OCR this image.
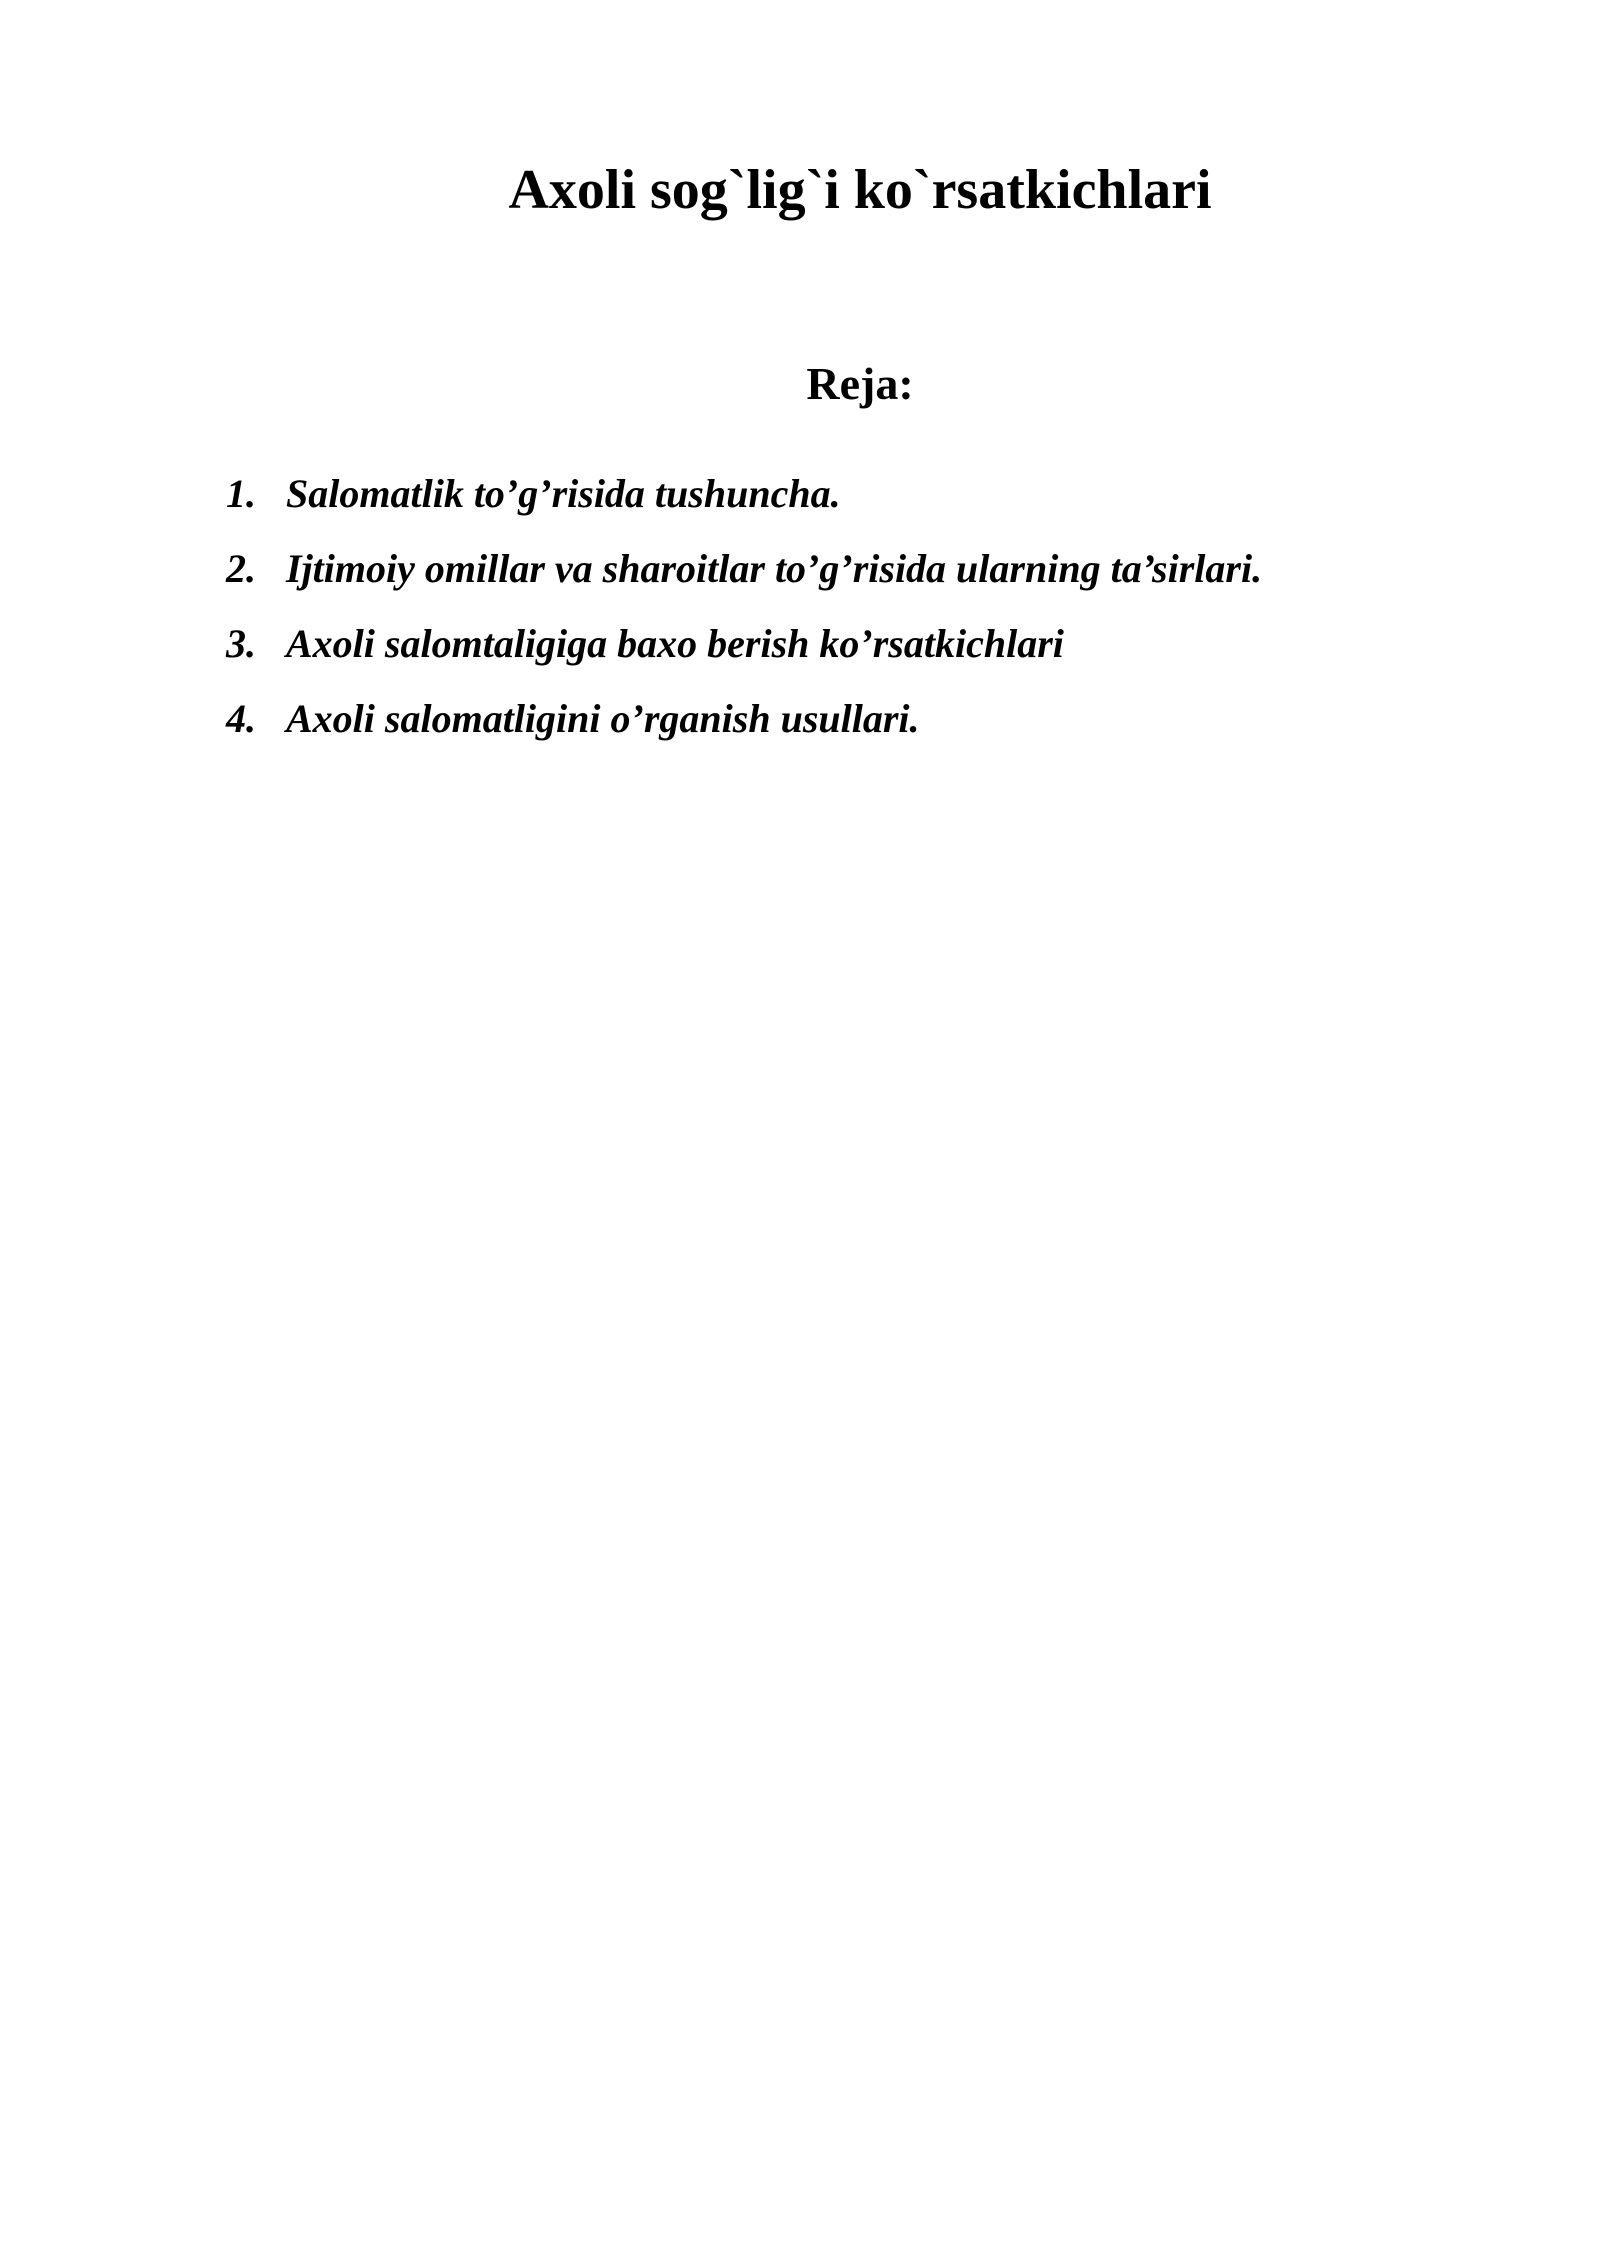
Axoli sog`lig`i ko`rsatkichlari
Reja:
1. Salomatlik to’g’risida tushuncha.
2. Ijtimoiy omillar va sharoitlar to’g’risida ularning ta’sirlari.
3. Axoli salomtaligiga baxo berish ko’rsatkichlari
4. Axoli salomatligini o’rganish usullari.
